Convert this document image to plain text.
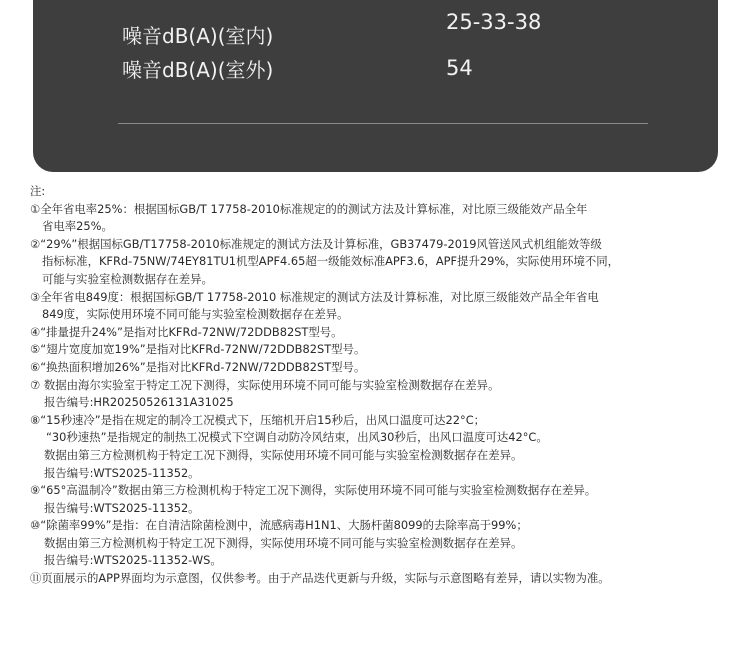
噪音dB(A)(室内)
25-33-38
噪音dB(A)(室外)	54
注:
①全年省电率25%：根据国标GB/T 17758-2010标准规定的的测试方法及计算标准，对比原三级能效产品全年
省电率25%。
②“29%”根据国标GB/T17758-2010标准规定的测试方法及计算标准，GB37479-2019风管送风式机组能效等级
指标标准，KFRd-75NW/74EY81TU1机型APF4.65超一级能效标准APF3.6，APF提升29%，实际使用环境不同，
可能与实验室检测数据存在差异。
③全年省电849度：根据国标GB/T 17758-2010 标准规定的测试方法及计算标准，对比原三级能效产品全年省电
849度，实际使用环境不同可能与实验室检测数据存在差异。
④“排量提升24%”是指对比KFRd-72NW/72DDB82ST型号。
⑤“翅片宽度加宽19%”是指对比KFRd-72NW/72DDB82ST型号。
⑥“换热面积增加26%”是指对比KFRd-72NW/72DDB82ST型号。
⑦ 数据由海尔实验室于特定工况下测得，实际使用环境不同可能与实验室检测数据存在差异。
报告编号:HR20250526131A31025
⑧“15秒速冷”是指在规定的制冷工况模式下，压缩机开启15秒后，出风口温度可达22°C；
“30秒速热”是指规定的制热工况模式下空调自动防冷风结束，出风30秒后，出风口温度可达42°C。
数据由第三方检测机构于特定工况下测得，实际使用环境不同可能与实验室检测数据存在差异。
报告编号:WTS2025-11352。
⑨“65°高温制冷”数据由第三方检测机构于特定工况下测得，实际使用环境不同可能与实验室检测数据存在差异。
报告编号:WTS2025-11352。
⑩“除菌率99%”是指：在自清洁除菌检测中，流感病毒H1N1、大肠杆菌8099的去除率高于99%；
数据由第三方检测机构于特定工况下测得，实际使用环境不同可能与实验室检测数据存在差异。
报告编号:WTS2025-11352-WS。
⑪页面展示的APP界面均为示意图，仅供参考。由于产品迭代更新与升级，实际与示意图略有差异，请以实物为准。
